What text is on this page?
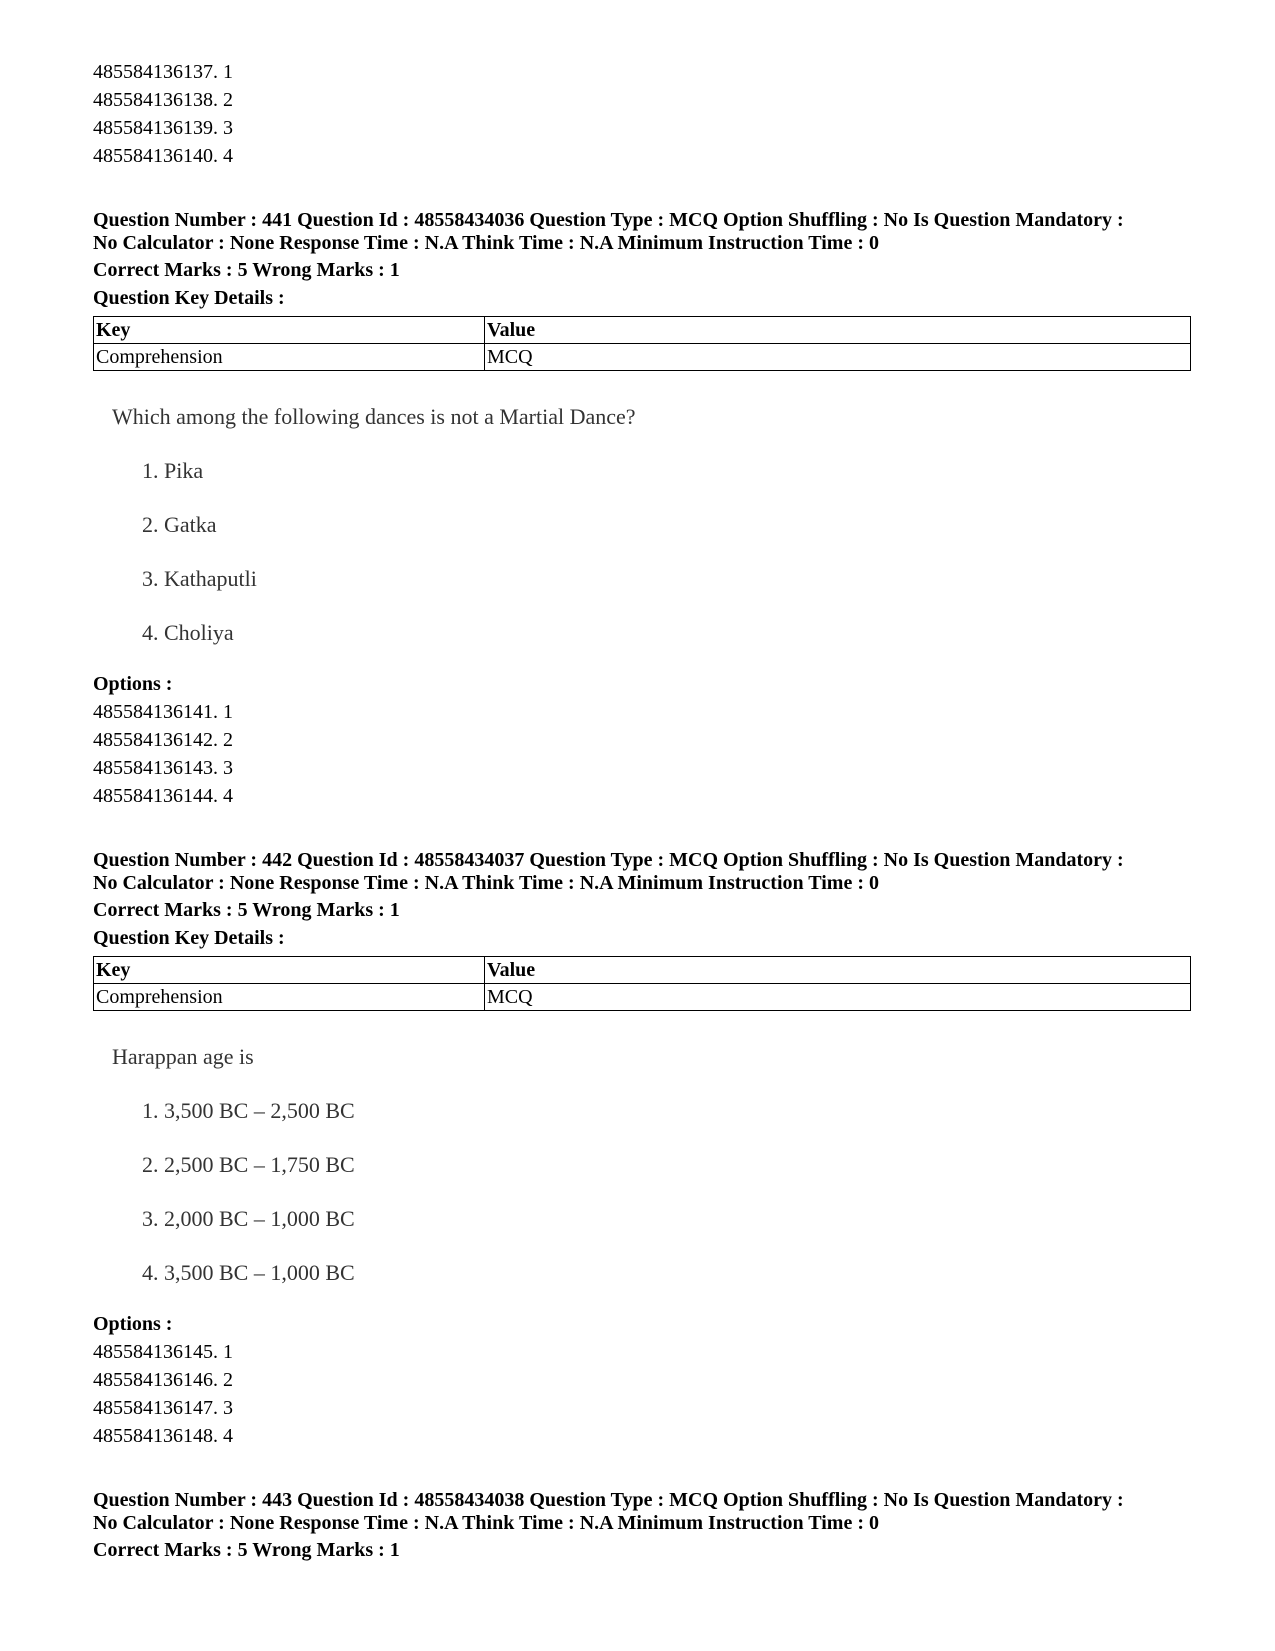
485584136137. 1
485584136138. 2
485584136139. 3
485584136140. 4
Question Number : 441 Question Id : 48558434036 Question Type : MCQ Option Shuffling : No Is Question Mandatory :
No Calculator : None Response Time : N.A Think Time : N.A Minimum Instruction Time : 0
Correct Marks : 5 Wrong Marks : 1
Question Key Details :
Key	Value
Comprehension	MCQ
Which among the following dances is not a Martial Dance?
1. Pika
2. Gatka
3. Kathaputli
4. Choliya
Options :
485584136141. 1
485584136142. 2
485584136143. 3
485584136144. 4
Question Number : 442 Question Id : 48558434037 Question Type : MCQ Option Shuffling : No Is Question Mandatory :
No Calculator : None Response Time : N.A Think Time : N.A Minimum Instruction Time : 0
Correct Marks : 5 Wrong Marks : 1
Question Key Details :
Key	Value
Comprehension	MCQ
Harappan age is
1. 3,500 BC – 2,500 BC
2. 2,500 BC – 1,750 BC
3. 2,000 BC – 1,000 BC
4. 3,500 BC – 1,000 BC
Options :
485584136145. 1
485584136146. 2
485584136147. 3
485584136148. 4
Question Number : 443 Question Id : 48558434038 Question Type : MCQ Option Shuffling : No Is Question Mandatory :
No Calculator : None Response Time : N.A Think Time : N.A Minimum Instruction Time : 0
Correct Marks : 5 Wrong Marks : 1
